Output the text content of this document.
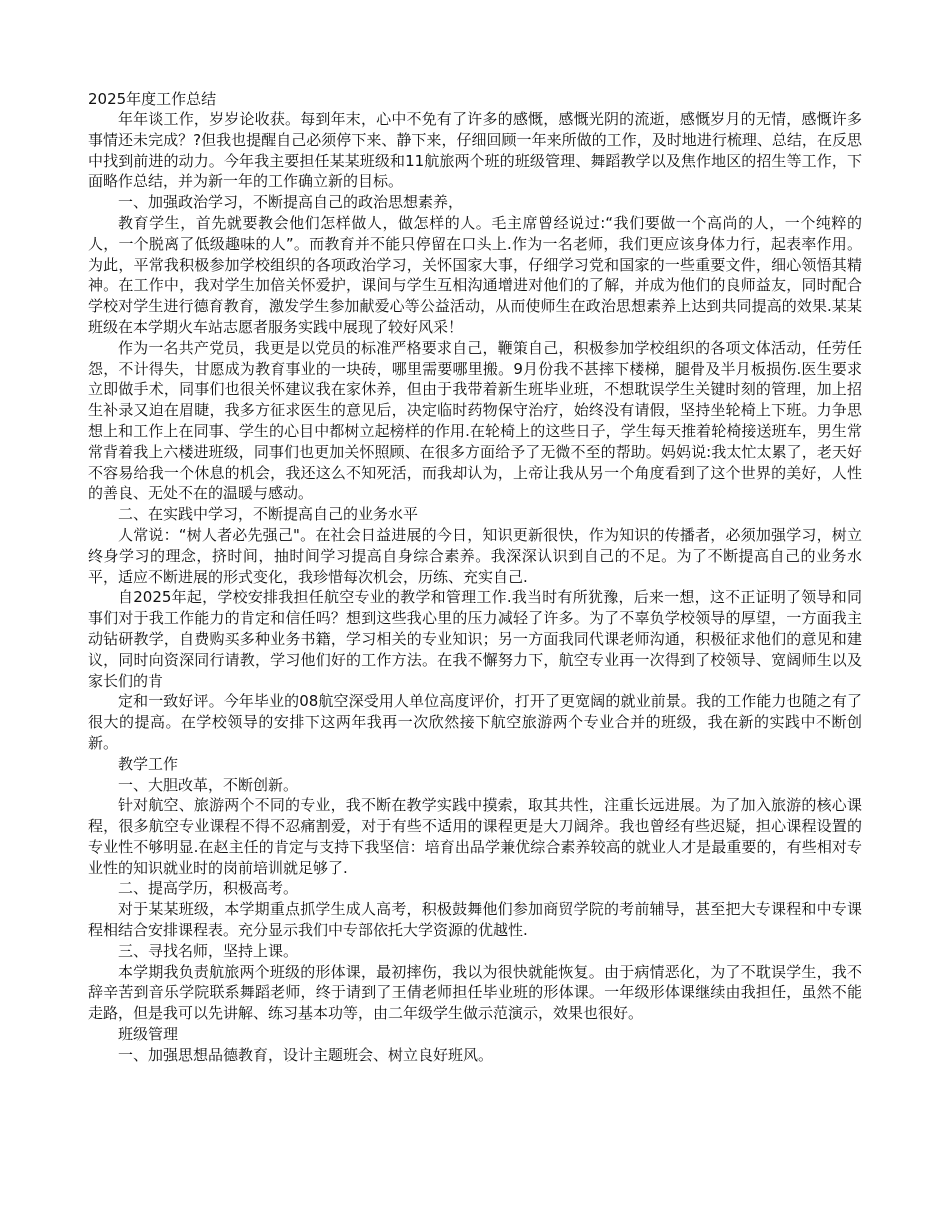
2025年度工作总结

年年谈工作，岁岁论收获。每到年末，心中不免有了许多的感慨，感慨光阴的流逝，感慨岁月的无情，感慨许多事情还未完成？?但我也提醒自己必须停下来、静下来，仔细回顾一年来所做的工作，及时地进行梳理、总结，在反思中找到前进的动力。今年我主要担任某某班级和11航旅两个班的班级管理、舞蹈教学以及焦作地区的招生等工作，下面略作总结，并为新一年的工作确立新的目标。

一、加强政治学习，不断提高自己的政治思想素养，

教育学生，首先就要教会他们怎样做人，做怎样的人。毛主席曾经说过:“我们要做一个高尚的人，一个纯粹的人，一个脱离了低级趣味的人”。而教育并不能只停留在口头上.作为一名老师，我们更应该身体力行，起表率作用。为此，平常我积极参加学校组织的各项政治学习，关怀国家大事，仔细学习党和国家的一些重要文件，细心领悟其精神。在工作中，我对学生加倍关怀爱护，课间与学生互相沟通增进对他们的了解，并成为他们的良师益友，同时配合学校对学生进行德育教育，激发学生参加献爱心等公益活动，从而使师生在政治思想素养上达到共同提高的效果.某某班级在本学期火车站志愿者服务实践中展现了较好风采！

作为一名共产党员，我更是以党员的标准严格要求自己，鞭策自己，积极参加学校组织的各项文体活动，任劳任怨，不计得失，甘愿成为教育事业的一块砖，哪里需要哪里搬。9月份我不甚摔下楼梯，腿骨及半月板损伤.医生要求立即做手术，同事们也很关怀建议我在家休养，但由于我带着新生班毕业班，不想耽误学生关键时刻的管理，加上招生补录又迫在眉睫，我多方征求医生的意见后，决定临时药物保守治疗，始终没有请假，坚持坐轮椅上下班。力争思想上和工作上在同事、学生的心目中都树立起榜样的作用.在轮椅上的这些日子，学生每天推着轮椅接送班车，男生常常背着我上六楼进班级，同事们也更加关怀照顾、在很多方面给予了无微不至的帮助。妈妈说:我太忙太累了，老天好不容易给我一个休息的机会，我还这么不知死活，而我却认为，上帝让我从另一个角度看到了这个世界的美好，人性的善良、无处不在的温暖与感动。

二、在实践中学习，不断提高自己的业务水平

人常说：“树人者必先强己"。在社会日益进展的今日，知识更新很快，作为知识的传播者，必须加强学习，树立终身学习的理念，挤时间，抽时间学习提高自身综合素养。我深深认识到自己的不足。为了不断提高自己的业务水平，适应不断进展的形式变化，我珍惜每次机会，历练、充实自己.

自2025年起，学校安排我担任航空专业的教学和管理工作.我当时有所犹豫，后来一想，这不正证明了领导和同事们对于我工作能力的肯定和信任吗？想到这些我心里的压力减轻了许多。为了不辜负学校领导的厚望，一方面我主动钻研教学，自费购买多种业务书籍，学习相关的专业知识；另一方面我同代课老师沟通，积极征求他们的意见和建议，同时向资深同行请教，学习他们好的工作方法。在我不懈努力下，航空专业再一次得到了校领导、宽阔师生以及家长们的肯

定和一致好评。今年毕业的08航空深受用人单位高度评价，打开了更宽阔的就业前景。我的工作能力也随之有了很大的提高。在学校领导的安排下这两年我再一次欣然接下航空旅游两个专业合并的班级，我在新的实践中不断创新。

教学工作

一、大胆改革，不断创新。

针对航空、旅游两个不同的专业，我不断在教学实践中摸索，取其共性，注重长远进展。为了加入旅游的核心课程，很多航空专业课程不得不忍痛割爱，对于有些不适用的课程更是大刀阔斧。我也曾经有些迟疑，担心课程设置的专业性不够明显.在赵主任的肯定与支持下我坚信：培育出品学兼优综合素养较高的就业人才是最重要的，有些相对专业性的知识就业时的岗前培训就足够了.

二、提高学历，积极高考。

对于某某班级，本学期重点抓学生成人高考，积极鼓舞他们参加商贸学院的考前辅导，甚至把大专课程和中专课程相结合安排课程表。充分显示我们中专部依托大学资源的优越性.

三、寻找名师，坚持上课。

本学期我负责航旅两个班级的形体课，最初摔伤，我以为很快就能恢复。由于病情恶化，为了不耽误学生，我不辞辛苦到音乐学院联系舞蹈老师，终于请到了王倩老师担任毕业班的形体课。一年级形体课继续由我担任，虽然不能走路，但是我可以先讲解、练习基本功等，由二年级学生做示范演示，效果也很好。

班级管理

一、加强思想品德教育，设计主题班会、树立良好班风。
